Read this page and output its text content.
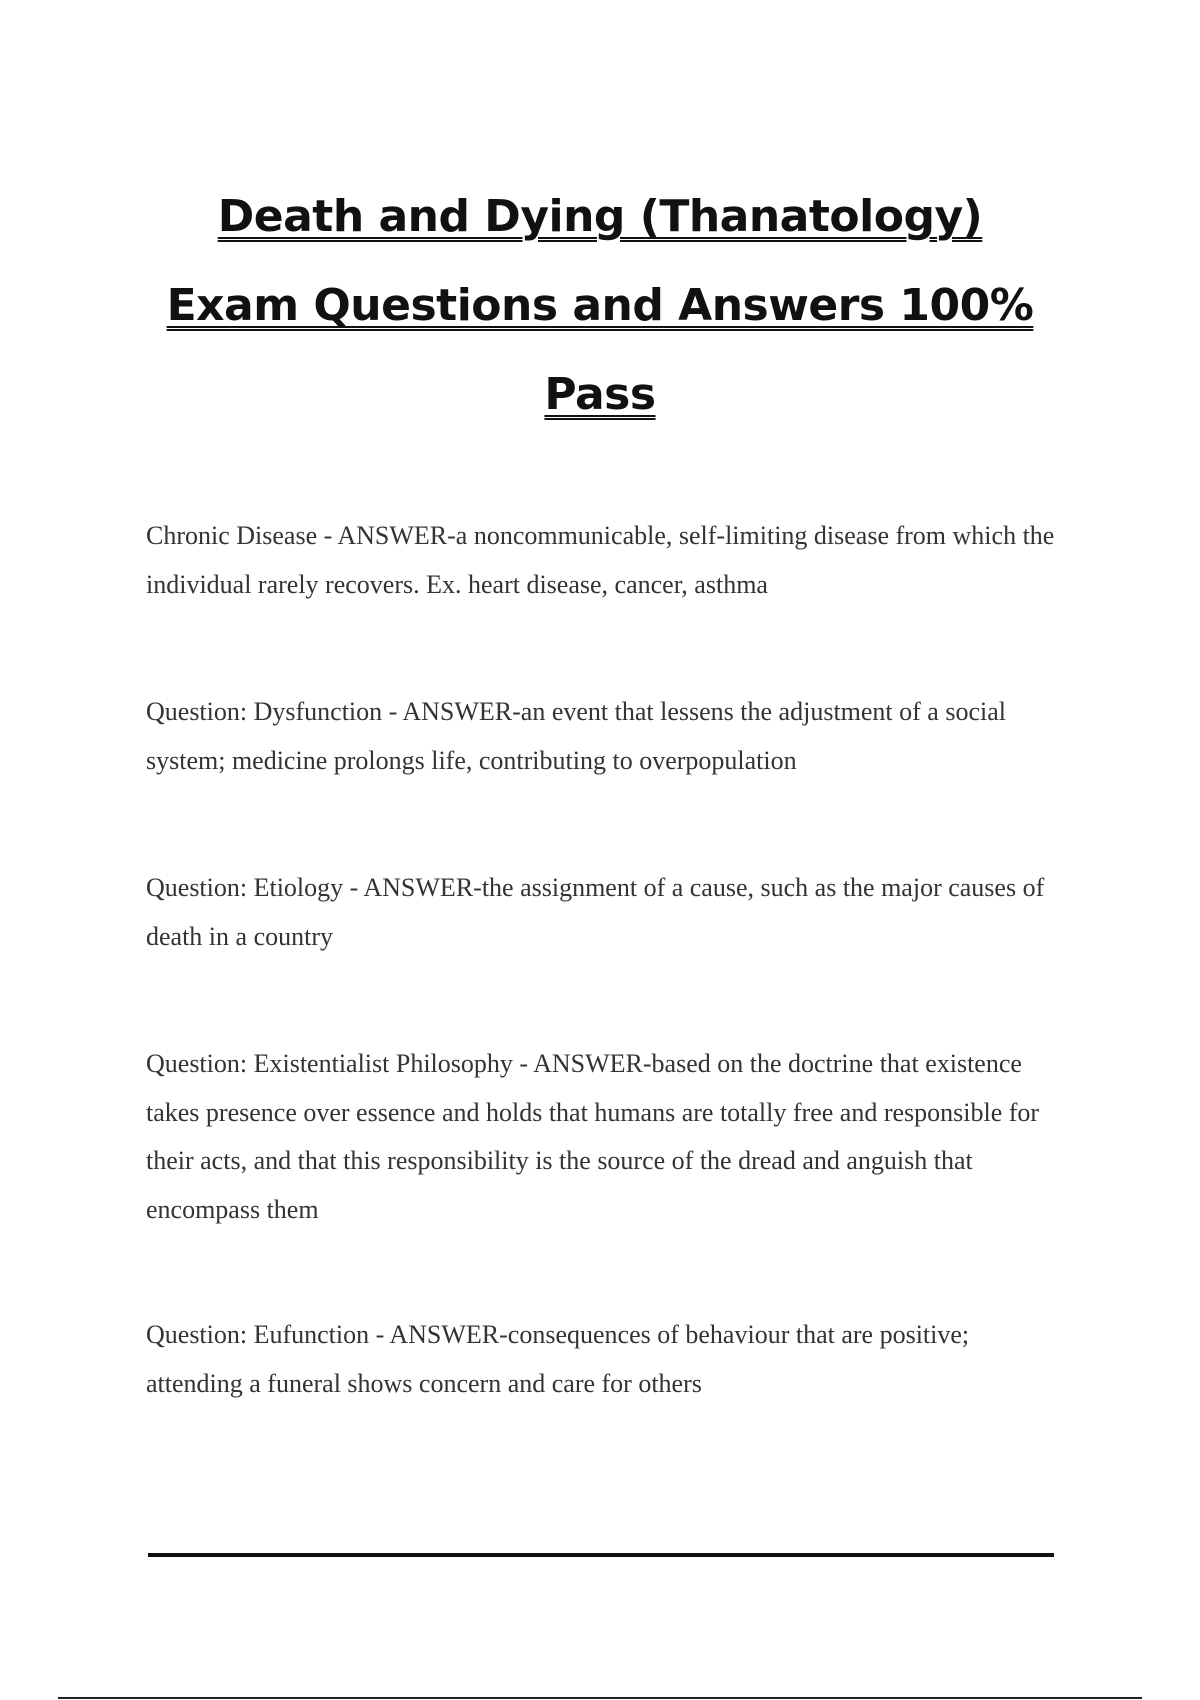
Death and Dying (Thanatology)
Exam Questions and Answers 100%
Pass

Chronic Disease - ANSWER-a noncommunicable, self-limiting disease from which the individual rarely recovers. Ex. heart disease, cancer, asthma

Question: Dysfunction - ANSWER-an event that lessens the adjustment of a social system; medicine prolongs life, contributing to overpopulation

Question: Etiology - ANSWER-the assignment of a cause, such as the major causes of death in a country

Question: Existentialist Philosophy - ANSWER-based on the doctrine that existence takes presence over essence and holds that humans are totally free and responsible for their acts, and that this responsibility is the source of the dread and anguish that encompass them

Question: Eufunction - ANSWER-consequences of behaviour that are positive; attending a funeral shows concern and care for others
